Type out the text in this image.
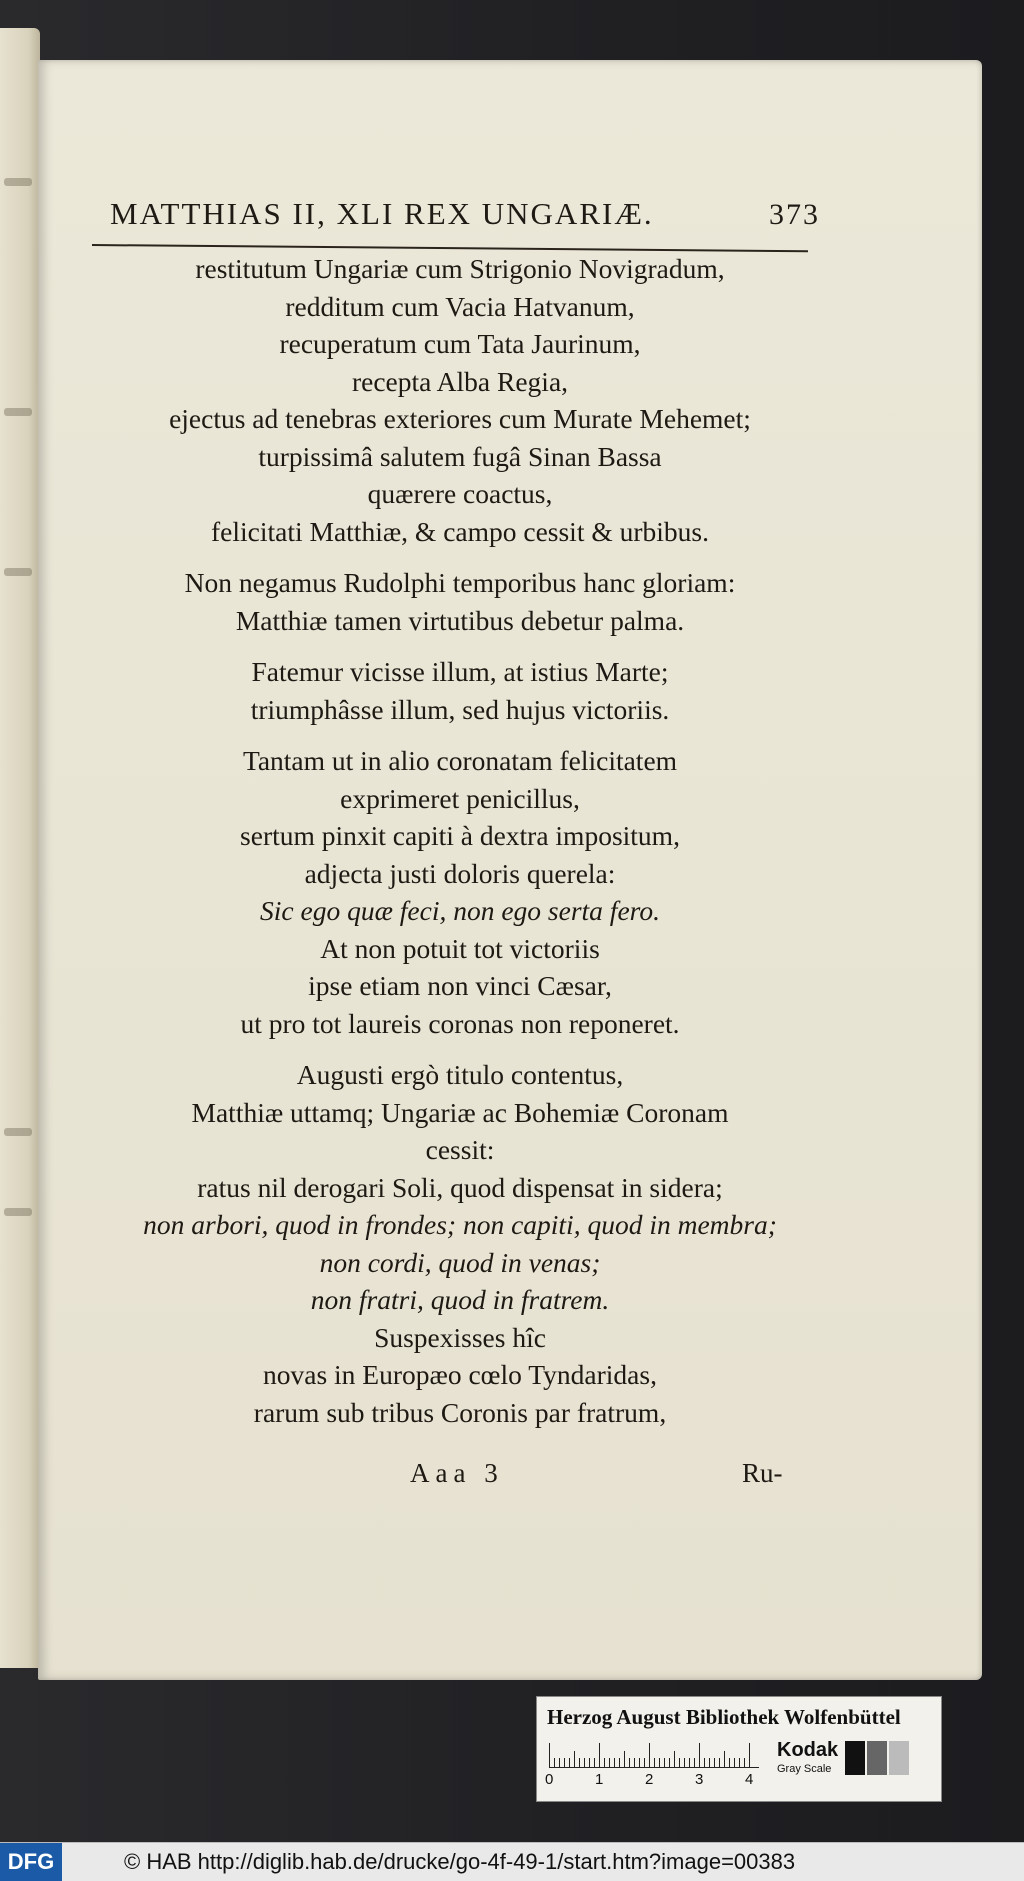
MATTHIAS II, XLI REX UNGARIÆ.	373
restitutum Ungariæ cum Strigonio Novigradum,
redditum cum Vacia Hatvanum,
recuperatum cum Tata Jaurinum,
recepta Alba Regia,
ejectus ad tenebras exteriores cum Murate Mehemet;
turpissimâ salutem fugâ Sinan Bassa
quærere coactus,
felicitati Matthiæ, & campo cessit & urbibus.
Non negamus Rudolphi temporibus hanc gloriam:
Matthiæ tamen virtutibus debetur palma.
Fatemur vicisse illum, at istius Marte;
triumphâsse illum, sed hujus victoriis.
Tantam ut in alio coronatam felicitatem
exprimeret penicillus,
sertum pinxit capiti à dextra impositum,
adjecta justi doloris querela:
Sic ego quæ feci, non ego serta fero.
At non potuit tot victoriis
ipse etiam non vinci Cæsar,
ut pro tot laureis coronas non reponeret.
Augusti ergò titulo contentus,
Matthiæ uttamq; Ungariæ ac Bohemiæ Coronam
cessit:
ratus nil derogari Soli, quod dispensat in sidera;
non arbori, quod in frondes; non capiti, quod in membra;
non cordi, quod in venas;
non fratri, quod in fratrem.
Suspexisses hîc
novas in Europæo cœlo Tyndaridas,
rarum sub tribus Coronis par fratrum,
Aaa 3	Ru-
Herzog August Bibliothek Wolfenbüttel
0	1	2	3	4
Kodak
Gray Scale
DFG	© HAB http://diglib.hab.de/drucke/go-4f-49-1/start.htm?image=00383
